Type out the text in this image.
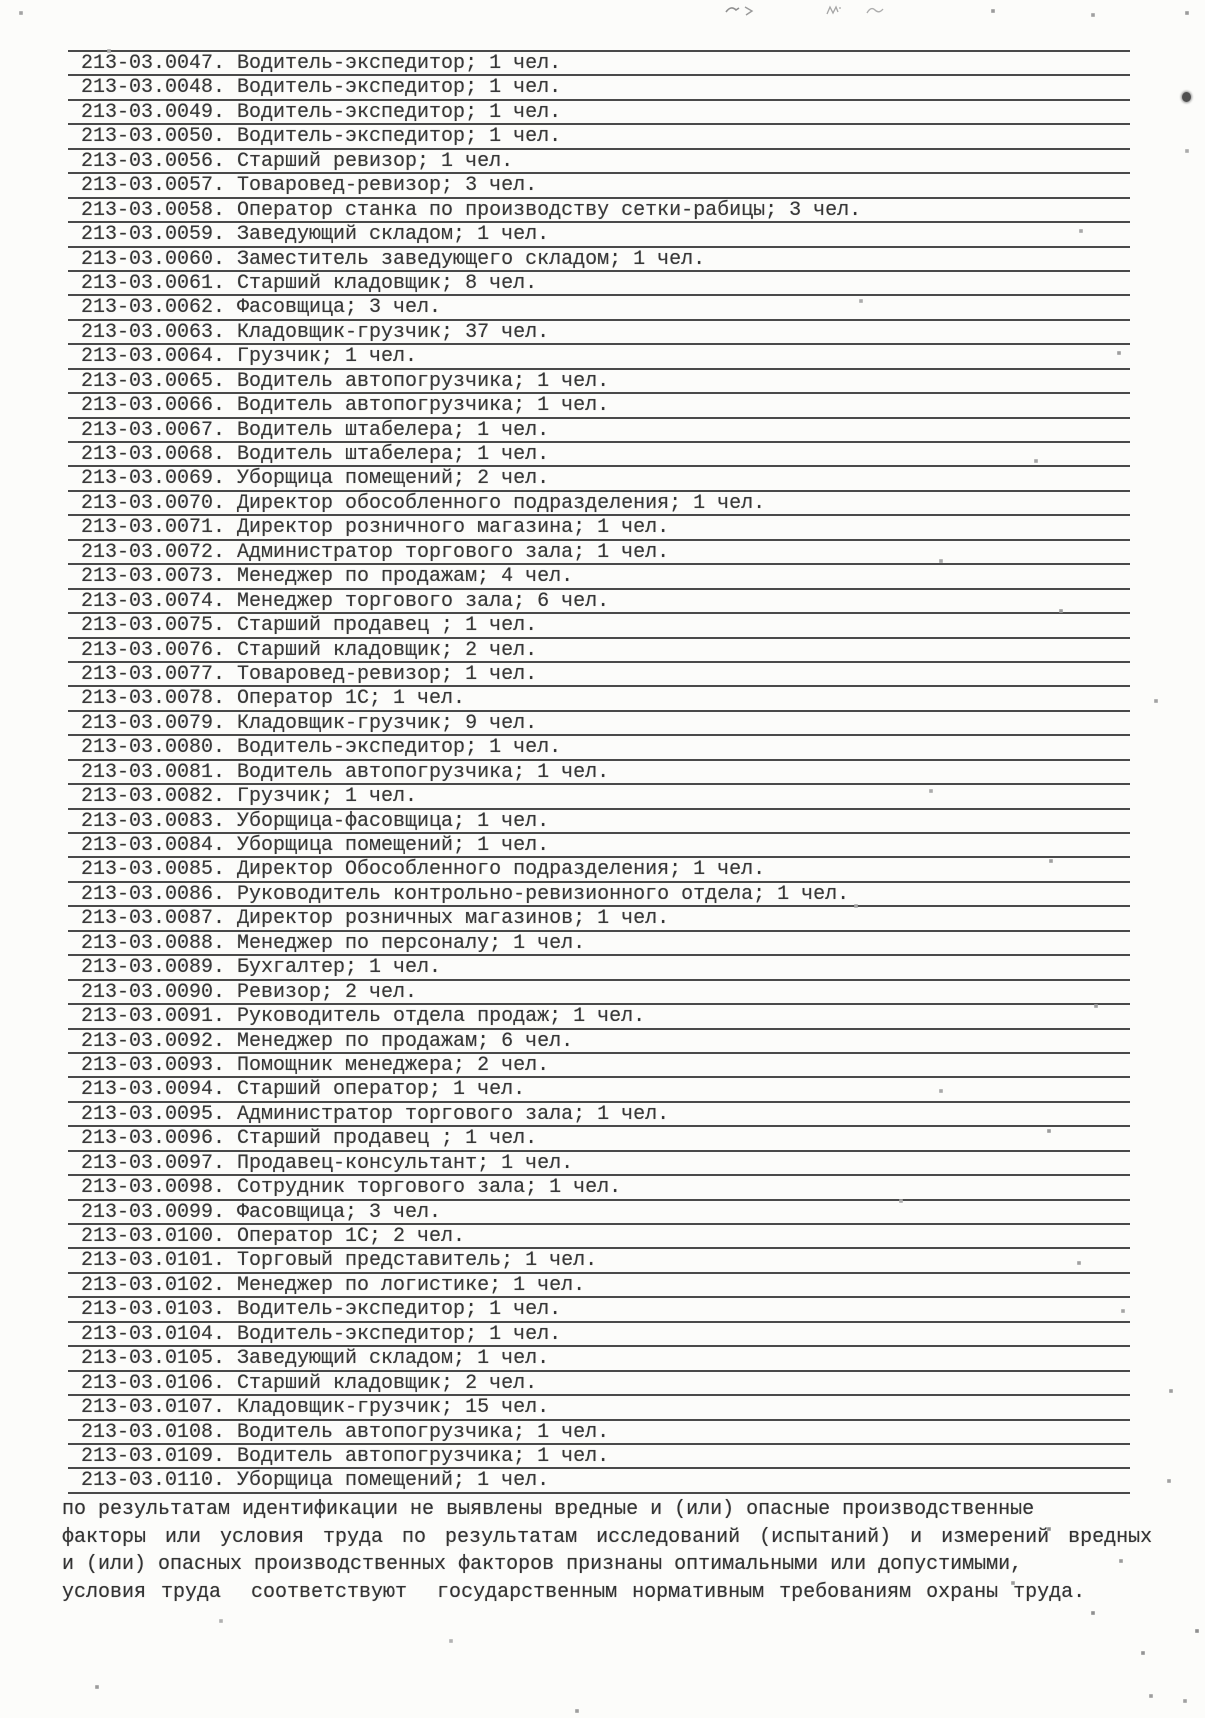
213-03.0047. Водитель-экспедитор; 1 чел.
213-03.0048. Водитель-экспедитор; 1 чел.
213-03.0049. Водитель-экспедитор; 1 чел.
213-03.0050. Водитель-экспедитор; 1 чел.
213-03.0056. Старший ревизор; 1 чел.
213-03.0057. Товаровед-ревизор; 3 чел.
213-03.0058. Оператор станка по производству сетки-рабицы; 3 чел.
213-03.0059. Заведующий складом; 1 чел.
213-03.0060. Заместитель заведующего складом; 1 чел.
213-03.0061. Старший кладовщик; 8 чел.
213-03.0062. Фасовщица; 3 чел.
213-03.0063. Кладовщик-грузчик; 37 чел.
213-03.0064. Грузчик; 1 чел.
213-03.0065. Водитель автопогрузчика; 1 чел.
213-03.0066. Водитель автопогрузчика; 1 чел.
213-03.0067. Водитель штабелера; 1 чел.
213-03.0068. Водитель штабелера; 1 чел.
213-03.0069. Уборщица помещений; 2 чел.
213-03.0070. Директор обособленного подразделения; 1 чел.
213-03.0071. Директор розничного магазина; 1 чел.
213-03.0072. Администратор торгового зала; 1 чел.
213-03.0073. Менеджер по продажам; 4 чел.
213-03.0074. Менеджер торгового зала; 6 чел.
213-03.0075. Старший продавец ; 1 чел.
213-03.0076. Старший кладовщик; 2 чел.
213-03.0077. Товаровед-ревизор; 1 чел.
213-03.0078. Оператор 1С; 1 чел.
213-03.0079. Кладовщик-грузчик; 9 чел.
213-03.0080. Водитель-экспедитор; 1 чел.
213-03.0081. Водитель автопогрузчика; 1 чел.
213-03.0082. Грузчик; 1 чел.
213-03.0083. Уборщица-фасовщица; 1 чел.
213-03.0084. Уборщица помещений; 1 чел.
213-03.0085. Директор Обособленного подразделения; 1 чел.
213-03.0086. Руководитель контрольно-ревизионного отдела; 1 чел.
213-03.0087. Директор розничных магазинов; 1 чел.
213-03.0088. Менеджер по персоналу; 1 чел.
213-03.0089. Бухгалтер; 1 чел.
213-03.0090. Ревизор; 2 чел.
213-03.0091. Руководитель отдела продаж; 1 чел.
213-03.0092. Менеджер по продажам; 6 чел.
213-03.0093. Помощник менеджера; 2 чел.
213-03.0094. Старший оператор; 1 чел.
213-03.0095. Администратор торгового зала; 1 чел.
213-03.0096. Старший продавец ; 1 чел.
213-03.0097. Продавец-консультант; 1 чел.
213-03.0098. Сотрудник торгового зала; 1 чел.
213-03.0099. Фасовщица; 3 чел.
213-03.0100. Оператор 1С; 2 чел.
213-03.0101. Торговый представитель; 1 чел.
213-03.0102. Менеджер по логистике; 1 чел.
213-03.0103. Водитель-экспедитор; 1 чел.
213-03.0104. Водитель-экспедитор; 1 чел.
213-03.0105. Заведующий складом; 1 чел.
213-03.0106. Старший кладовщик; 2 чел.
213-03.0107. Кладовщик-грузчик; 15 чел.
213-03.0108. Водитель автопогрузчика; 1 чел.
213-03.0109. Водитель автопогрузчика; 1 чел.
213-03.0110. Уборщица помещений; 1 чел.
по результатам идентификации не выявлены вредные и (или) опасные производственные
факторы или условия труда по результатам исследований (испытаний) и измерений вредных
и (или) опасных производственных факторов признаны оптимальными или допустимыми,
условия труда  соответствуют  государственным нормативным требованиям охраны труда.
